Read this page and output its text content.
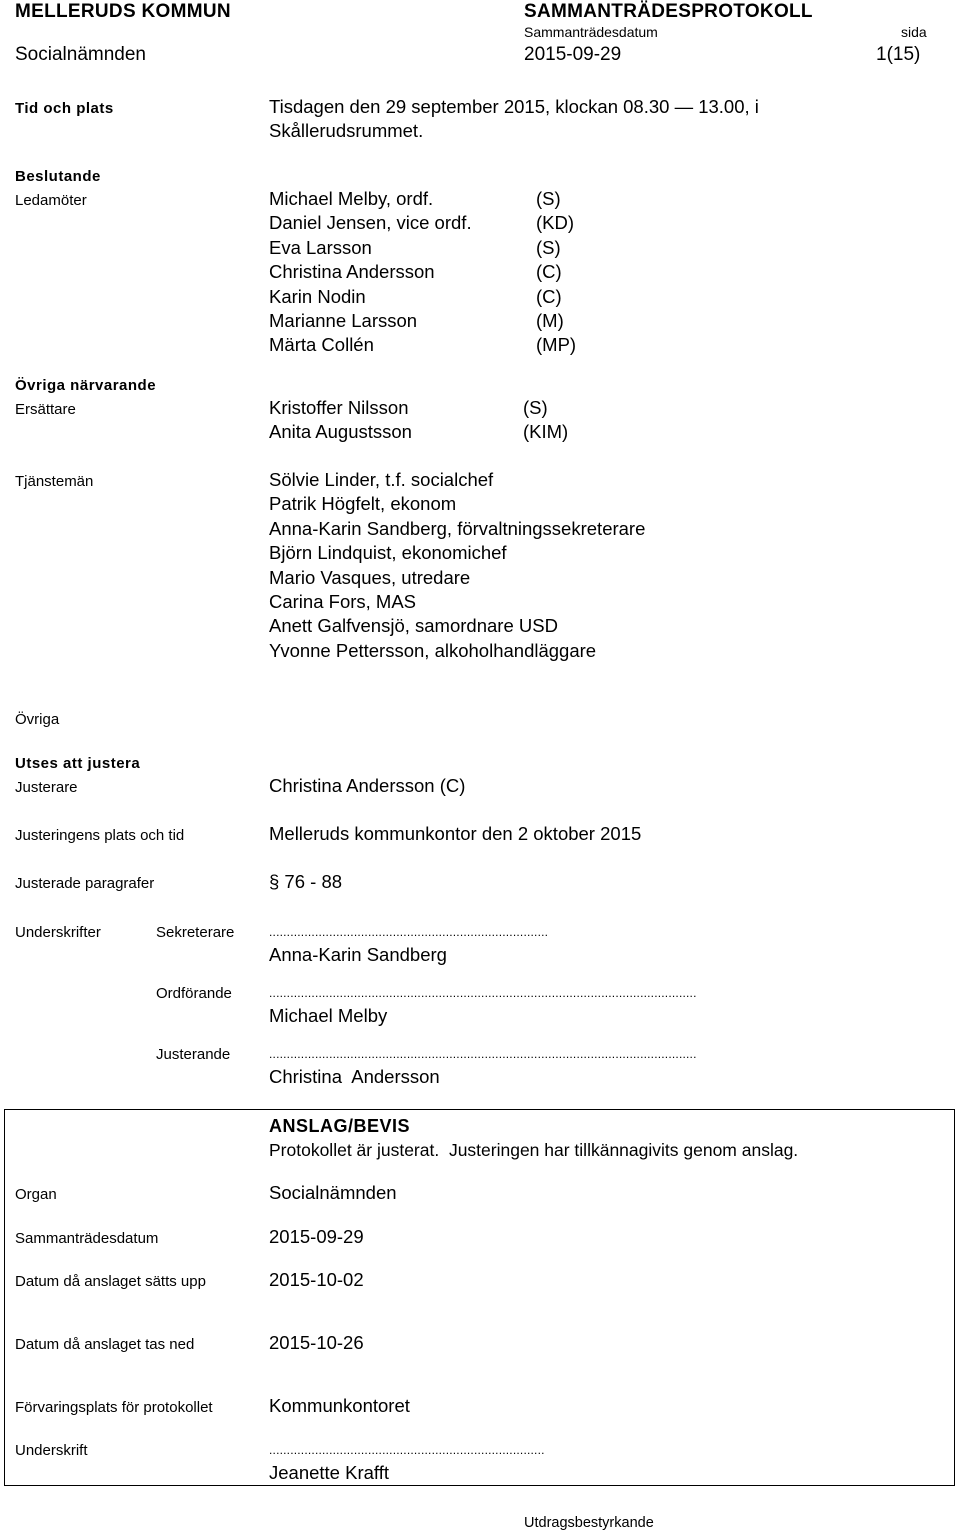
MELLERUDS KOMMUN	SAMMANTRÄDESPROTOKOLL
Sammanträdesdatum	sida
Socialnämnden	2015-09-29	1(15)
Tid och plats	Tisdagen den 29 september 2015, klockan 08.30 — 13.00, i
Skållerudsrummet.
Beslutande
Ledamöter	Michael Melby, ordf.	(S)
Daniel Jensen, vice ordf.	(KD)
Eva Larsson	(S)
Christina Andersson	(C)
Karin Nodin	(C)
Marianne Larsson	(M)
Märta Collén	(MP)
Övriga närvarande
Ersättare	Kristoffer Nilsson	(S)
Anita Augustsson	(KIM)
Tjänstemän	Sölvie Linder, t.f. socialchef
Patrik Högfelt, ekonom
Anna-Karin Sandberg, förvaltningssekreterare
Björn Lindquist, ekonomichef
Mario Vasques, utredare
Carina Fors, MAS
Anett Galfvensjö, samordnare USD
Yvonne Pettersson, alkoholhandläggare
Övriga
Utses att justera
Justerare	Christina Andersson (C)
Justeringens plats och tid	Melleruds kommunkontor den 2 oktober 2015
Justerade paragrafer	§ 76 - 88
Underskrifter	Sekreterare	...............................................................................
Anna-Karin Sandberg
Ordförande	.........................................................................................................................
Michael Melby
Justerande	.........................................................................................................................
Christina  Andersson
ANSLAG/BEVIS
Protokollet är justerat.  Justeringen har tillkännagivits genom anslag.
Organ	Socialnämnden
Sammanträdesdatum	2015-09-29
Datum då anslaget sätts upp	2015-10-02
Datum då anslaget tas ned	2015-10-26
Förvaringsplats för protokollet	Kommunkontoret
Underskrift	..............................................................................
Jeanette Krafft
Utdragsbestyrkande
